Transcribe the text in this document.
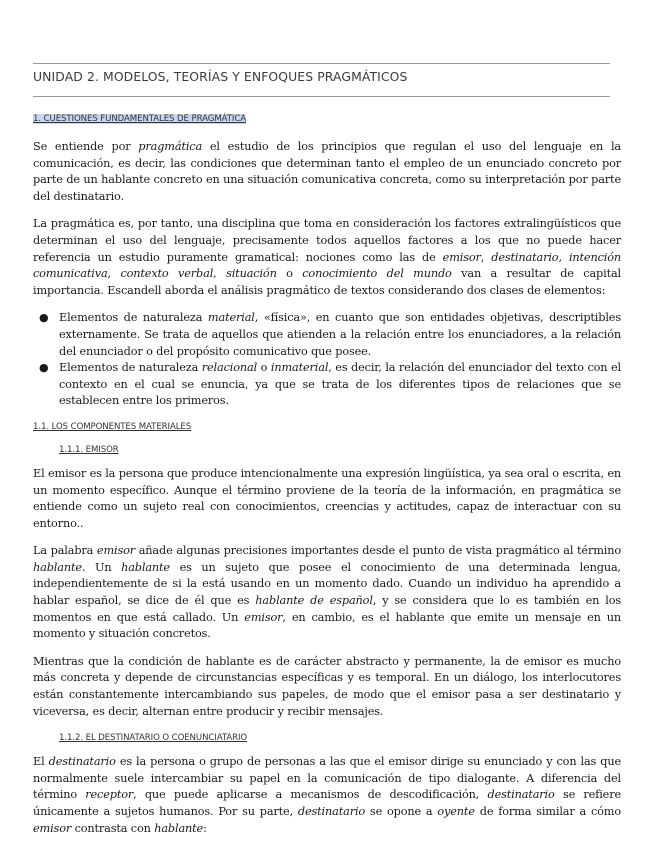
UNIDAD 2. MODELOS, TEORÍAS Y ENFOQUES PRAGMÁTICOS
1. CUESTIONES FUNDAMENTALES DE PRAGMÁTICA

Se entiende por pragmática el estudio de los principios que regulan el uso del lenguaje en la comunicación, es decir, las condiciones que determinan tanto el empleo de un enunciado concreto por parte de un hablante concreto en una situación comunicativa concreta, como su interpretación por parte del destinatario.

La pragmática es, por tanto, una disciplina que toma en consideración los factores extralingüísticos que determinan el uso del lenguaje, precisamente todos aquellos factores a los que no puede hacer referencia un estudio puramente gramatical: nociones como las de emisor, destinatario, intención comunicativa, contexto verbal, situación o conocimiento del mundo van a resultar de capital importancia. Escandell aborda el análisis pragmático de textos considerando dos clases de elementos:

● Elementos de naturaleza material, «física», en cuanto que son entidades objetivas, descriptibles externamente. Se trata de aquellos que atienden a la relación entre los enunciadores, a la relación del enunciador o del propósito comunicativo que posee.
● Elementos de naturaleza relacional o inmaterial, es decir, la relación del enunciador del texto con el contexto en el cual se enuncia, ya que se trata de los diferentes tipos de relaciones que se establecen entre los primeros.
1.1. LOS COMPONENTES MATERIALES
1.1.1. EMISOR

El emisor es la persona que produce intencionalmente una expresión lingüística, ya sea oral o escrita, en un momento específico. Aunque el término proviene de la teoría de la información, en pragmática se entiende como un sujeto real con conocimientos, creencias y actitudes, capaz de interactuar con su entorno..

La palabra emisor añade algunas precisiones importantes desde el punto de vista pragmático al término hablante. Un hablante es un sujeto que posee el conocimiento de una determinada lengua, independientemente de si la está usando en un momento dado. Cuando un individuo ha aprendido a hablar español, se dice de él que es hablante de español, y se considera que lo es también en los momentos en que está callado. Un emisor, en cambio, es el hablante que emite un mensaje en un momento y situación concretos.

Mientras que la condición de hablante es de carácter abstracto y permanente, la de emisor es mucho más concreta y depende de circunstancias específicas y es temporal. En un diálogo, los interlocutores están constantemente intercambiando sus papeles, de modo que el emisor pasa a ser destinatario y viceversa, es decir, alternan entre producir y recibir mensajes.

1.1.2. EL DESTINATARIO O COENUNCIATARIO

El destinatario es la persona o grupo de personas a las que el emisor dirige su enunciado y con las que normalmente suele intercambiar su papel en la comunicación de tipo dialogante. A diferencia del término receptor, que puede aplicarse a mecanismos de descodificación, destinatario se refiere únicamente a sujetos humanos. Por su parte, destinatario se opone a oyente de forma similar a cómo emisor contrasta con hablante:
